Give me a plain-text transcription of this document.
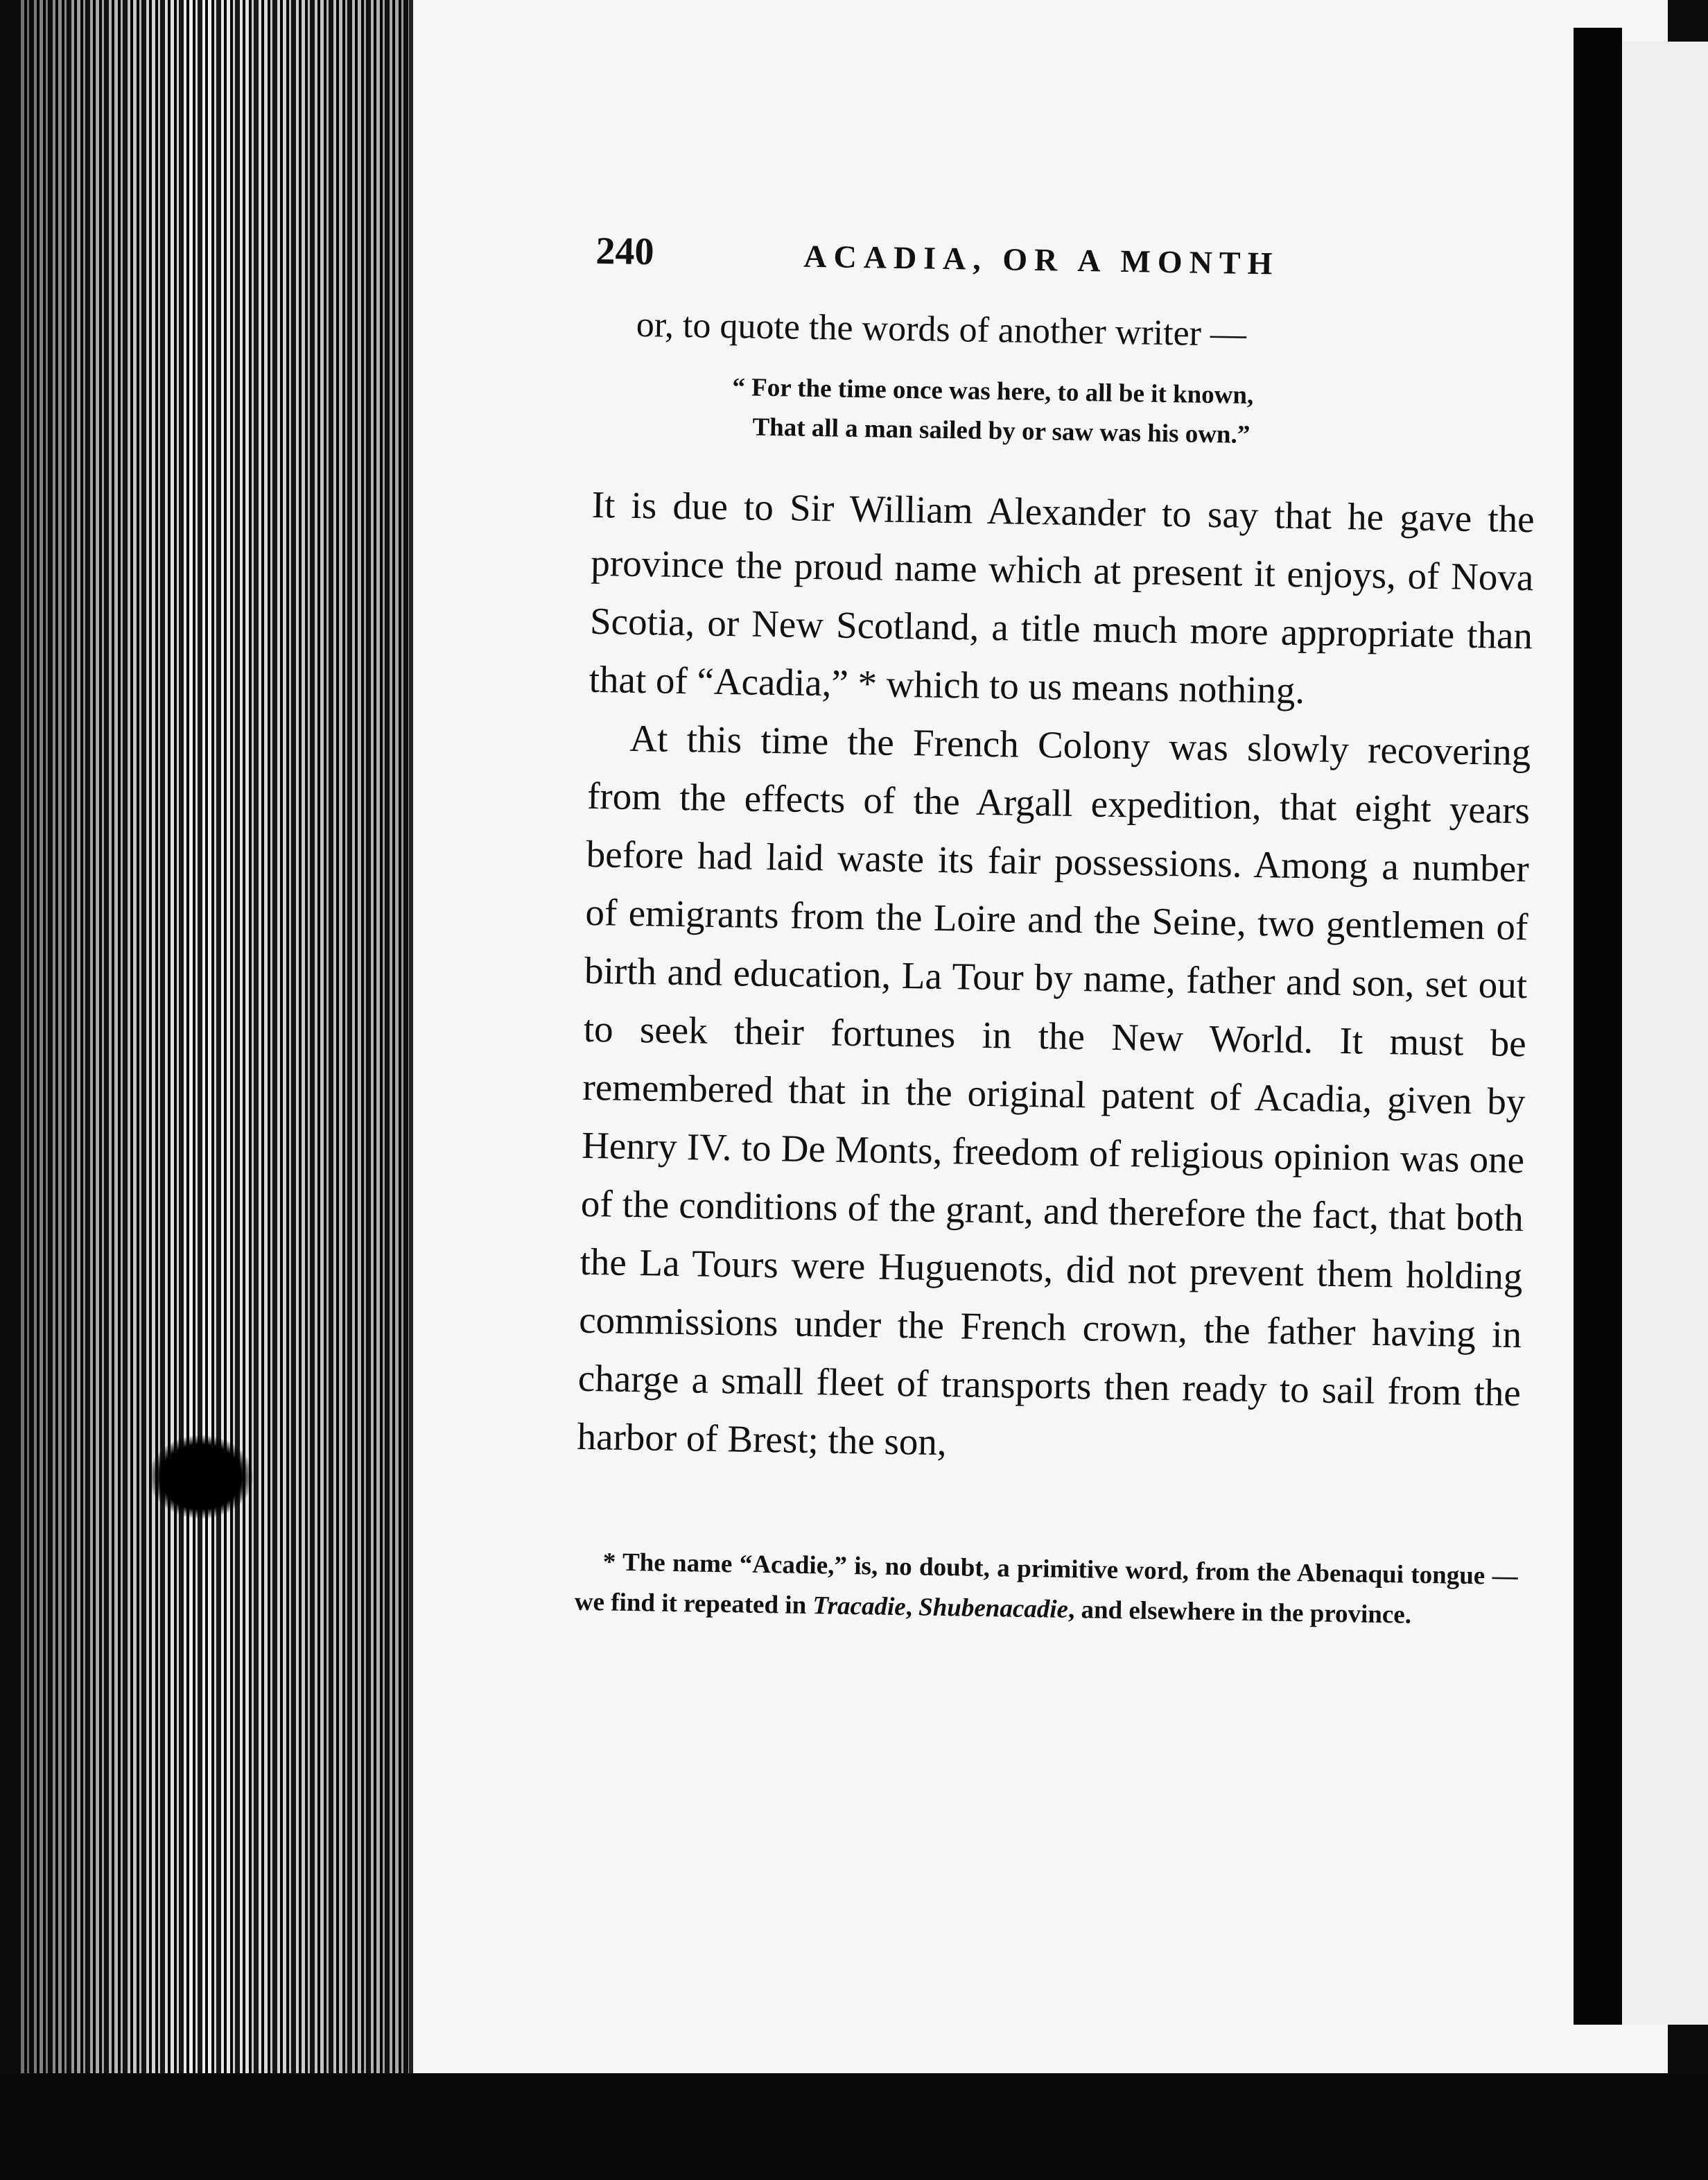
240	ACADIA, OR A MONTH
or, to quote the words of another writer —
“ For the time once was here, to all be it known,
That all a man sailed by or saw was his own.”

It is due to Sir William Alexander to say that he gave the province the proud name which at present it enjoys, of Nova Scotia, or New Scotland, a title much more appropriate than that of “Acadia,” * which to us means nothing.

At this time the French Colony was slowly recovering from the effects of the Argall expedition, that eight years before had laid waste its fair possessions. Among a number of emigrants from the Loire and the Seine, two gentlemen of birth and education, La Tour by name, father and son, set out to seek their fortunes in the New World. It must be remembered that in the original patent of Acadia, given by Henry IV. to De Monts, freedom of religious opinion was one of the conditions of the grant, and therefore the fact, that both the La Tours were Huguenots, did not prevent them holding commissions under the French crown, the father having in charge a small fleet of transports then ready to sail from the harbor of Brest; the son,

* The name “Acadie,” is, no doubt, a primitive word, from the Abenaqui tongue — we find it repeated in Tracadie, Shubenacadie, and elsewhere in the province.
